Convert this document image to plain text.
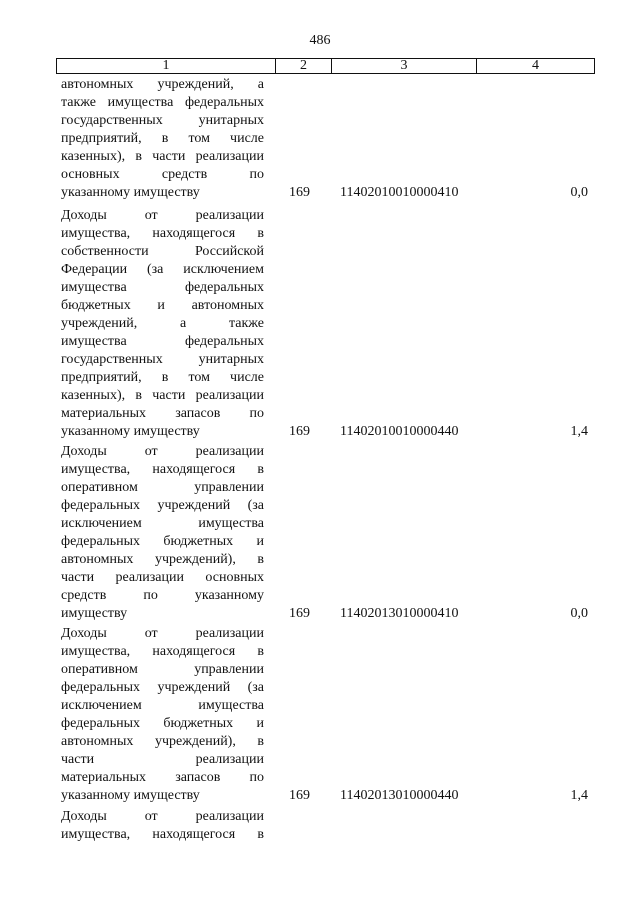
486
1	2	3	4
автономных учреждений, а
также имущества федеральных
государственных унитарных
предприятий, в том числе
казенных), в части реализации
основных средств по
указанному имуществу	169 11402010010000410	0,0
Доходы от реализации
имущества, находящегося в
собственности Российской
Федерации (за исключением
имущества федеральных
бюджетных и автономных
учреждений, а также
имущества федеральных
государственных унитарных
предприятий, в том числе
казенных), в части реализации
материальных запасов по
указанному имуществу	169 11402010010000440	1,4
Доходы от реализации
имущества, находящегося в
оперативном управлении
федеральных учреждений (за
исключением имущества
федеральных бюджетных и
автономных учреждений), в
части реализации основных
средств по указанному
имуществу	169 11402013010000410	0,0
Доходы от реализации
имущества, находящегося в
оперативном управлении
федеральных учреждений (за
исключением имущества
федеральных бюджетных и
автономных учреждений), в
части реализации
материальных запасов по
указанному имуществу	169 11402013010000440	1,4
Доходы от реализации
имущества, находящегося в
